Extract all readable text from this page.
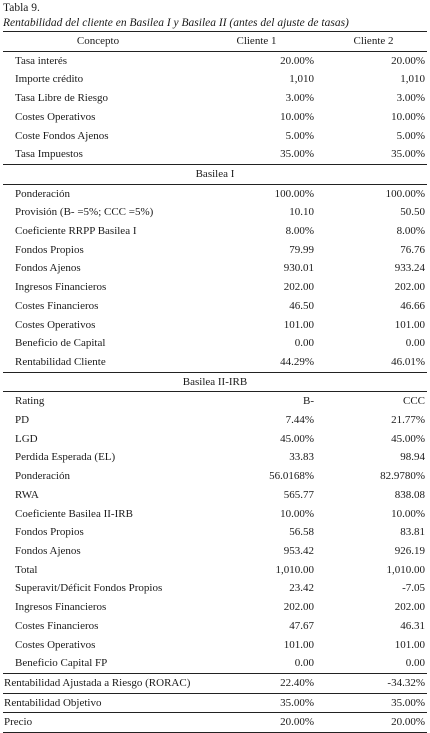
Tabla 9.
Rentabilidad del cliente en Basilea I y Basilea II (antes del ajuste de tasas)
Concepto	Cliente 1	Cliente 2
Tasa interés	20.00%	20.00%
Importe crédito	1,010	1,010
Tasa Libre de Riesgo	3.00%	3.00%
Costes Operativos	10.00%	10.00%
Coste Fondos Ajenos	5.00%	5.00%
Tasa Impuestos	35.00%	35.00%
Basilea I		
Ponderación	100.00%	100.00%
Provisión (B- =5%; CCC =5%)	10.10	50.50
Coeficiente RRPP Basilea I	8.00%	8.00%
Fondos Propios	79.99	76.76
Fondos Ajenos	930.01	933.24
Ingresos Financieros	202.00	202.00
Costes Financieros	46.50	46.66
Costes Operativos	101.00	101.00
Beneficio de Capital	0.00	0.00
Rentabilidad Cliente	44.29%	46.01%
Basilea II-IRB		
Rating	B-	CCC
PD	7.44%	21.77%
LGD	45.00%	45.00%
Perdida Esperada (EL)	33.83	98.94
Ponderación	56.0168%	82.9780%
RWA	565.77	838.08
Coeficiente Basilea II-IRB	10.00%	10.00%
Fondos Propios	56.58	83.81
Fondos Ajenos	953.42	926.19
Total	1,010.00	1,010.00
Superavit/Déficit Fondos Propios	23.42	-7.05
Ingresos Financieros	202.00	202.00
Costes Financieros	47.67	46.31
Costes Operativos	101.00	101.00
Beneficio Capital FP	0.00	0.00
Rentabilidad Ajustada a Riesgo (RORAC)	22.40%	-34.32%
Rentabilidad Objetivo	35.00%	35.00%
Precio	20.00%	20.00%
